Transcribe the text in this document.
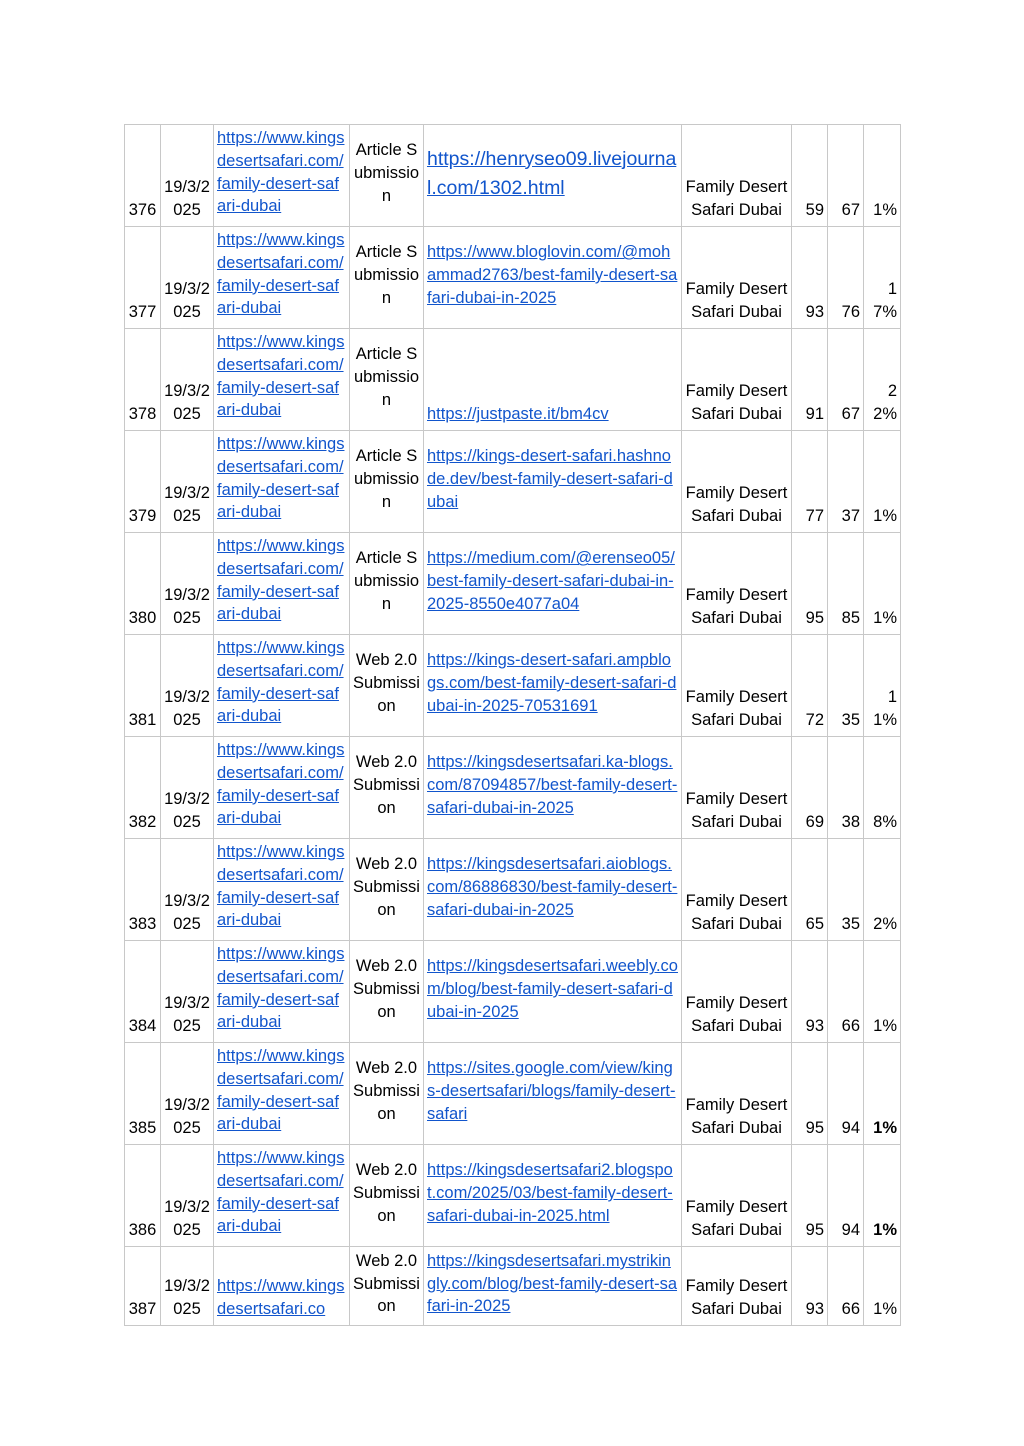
376	19/3/2025	https://www.kingsdesertsafari.com/family-desert-safari-dubai	Article Submission	https://henryseo09.livejournal.com/1302.html	Family Desert Safari Dubai	59	67	1%
377	19/3/2025	https://www.kingsdesertsafari.com/family-desert-safari-dubai	Article Submission	https://www.bloglovin.com/@mohammad2763/best-family-desert-safari-dubai-in-2025	Family Desert Safari Dubai	93	76	17%
378	19/3/2025	https://www.kingsdesertsafari.com/family-desert-safari-dubai	Article Submission	https://justpaste.it/bm4cv	Family Desert Safari Dubai	91	67	22%
379	19/3/2025	https://www.kingsdesertsafari.com/family-desert-safari-dubai	Article Submission	https://kings-desert-safari.hashnode.dev/best-family-desert-safari-dubai	Family Desert Safari Dubai	77	37	1%
380	19/3/2025	https://www.kingsdesertsafari.com/family-desert-safari-dubai	Article Submission	https://medium.com/@erenseo05/best-family-desert-safari-dubai-in-2025-8550e4077a04	Family Desert Safari Dubai	95	85	1%
381	19/3/2025	https://www.kingsdesertsafari.com/family-desert-safari-dubai	Web 2.0 Submission	https://kings-desert-safari.ampblogs.com/best-family-desert-safari-dubai-in-2025-70531691	Family Desert Safari Dubai	72	35	11%
382	19/3/2025	https://www.kingsdesertsafari.com/family-desert-safari-dubai	Web 2.0 Submission	https://kingsdesertsafari.ka-blogs.com/87094857/best-family-desert-safari-dubai-in-2025	Family Desert Safari Dubai	69	38	8%
383	19/3/2025	https://www.kingsdesertsafari.com/family-desert-safari-dubai	Web 2.0 Submission	https://kingsdesertsafari.aioblogs.com/86886830/best-family-desert-safari-dubai-in-2025	Family Desert Safari Dubai	65	35	2%
384	19/3/2025	https://www.kingsdesertsafari.com/family-desert-safari-dubai	Web 2.0 Submission	https://kingsdesertsafari.weebly.com/blog/best-family-desert-safari-dubai-in-2025	Family Desert Safari Dubai	93	66	1%
385	19/3/2025	https://www.kingsdesertsafari.com/family-desert-safari-dubai	Web 2.0 Submission	https://sites.google.com/view/kings-desertsafari/blogs/family-desert-safari	Family Desert Safari Dubai	95	94	1%
386	19/3/2025	https://www.kingsdesertsafari.com/family-desert-safari-dubai	Web 2.0 Submission	https://kingsdesertsafari2.blogspot.com/2025/03/best-family-desert-safari-dubai-in-2025.html	Family Desert Safari Dubai	95	94	1%
387	19/3/2025	https://www.kingsdesertsafari.co	Web 2.0 Submission	https://kingsdesertsafari.mystrikingly.com/blog/best-family-desert-safari-in-2025	Family Desert Safari Dubai	93	66	1%
